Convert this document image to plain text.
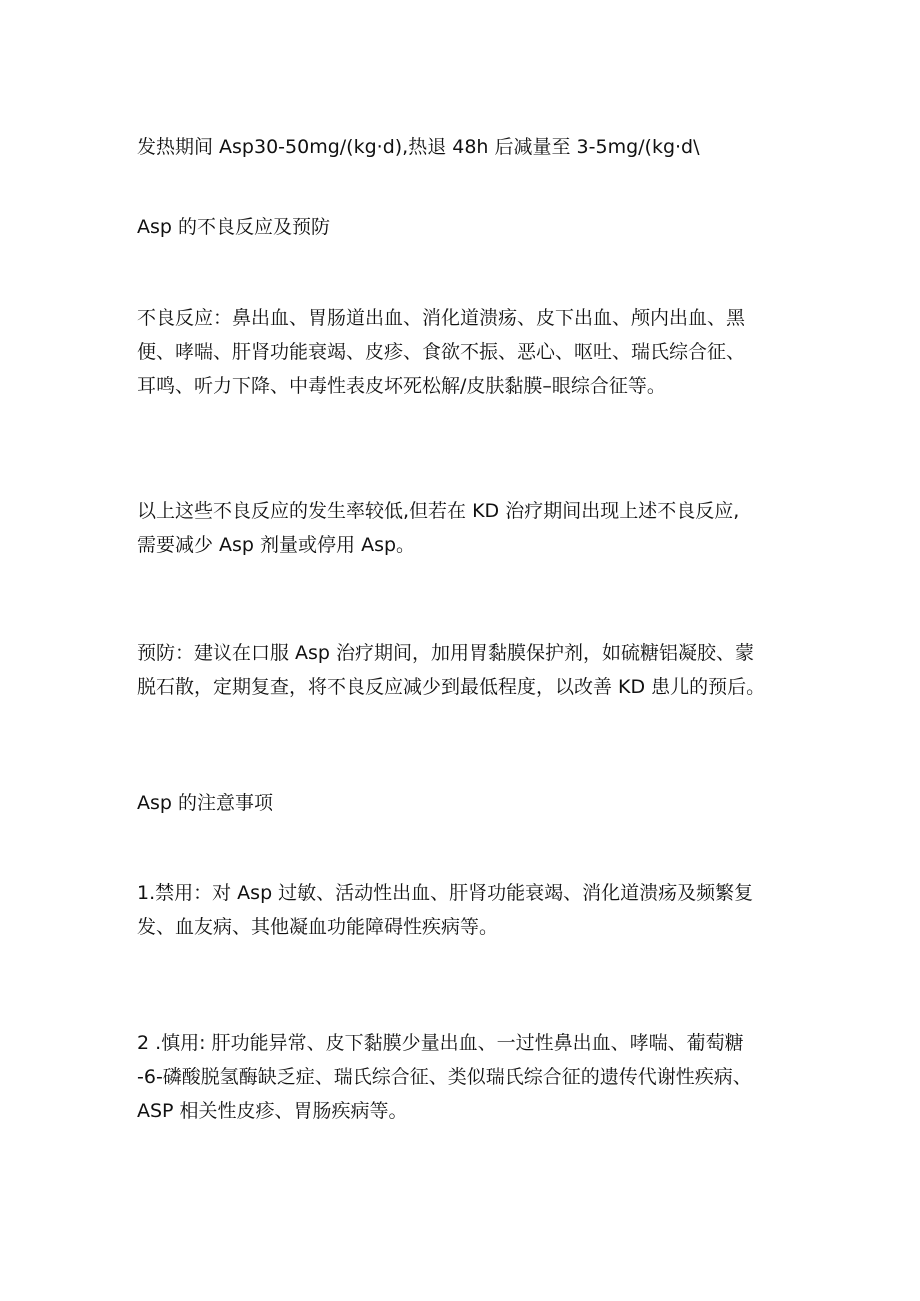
发热期间 Asp30-50mg/(kg·d),热退 48h 后减量至 3-5mg/(kg·d\

Asp 的不良反应及预防

不良反应：鼻出血、胃肠道出血、消化道溃疡、皮下出血、颅内出血、黑
便、哮喘、肝肾功能衰竭、皮疹、食欲不振、恶心、呕吐、瑞氏综合征、
耳鸣、听力下降、中毒性表皮坏死松解/皮肤黏膜–眼综合征等。

以上这些不良反应的发生率较低,但若在 KD 治疗期间出现上述不良反应,
需要减少 Asp 剂量或停用 Asp。

预防：建议在口服 Asp 治疗期间，加用胃黏膜保护剂，如硫糖铝凝胶、蒙
脱石散，定期复查，将不良反应减少到最低程度，以改善 KD 患儿的预后。

Asp 的注意事项

1.禁用：对 Asp 过敏、活动性出血、肝肾功能衰竭、消化道溃疡及频繁复
发、血友病、其他凝血功能障碍性疾病等。

2 .慎用: 肝功能异常、皮下黏膜少量出血、一过性鼻出血、哮喘、葡萄糖
-6-磷酸脱氢酶缺乏症、瑞氏综合征、类似瑞氏综合征的遗传代谢性疾病、
ASP 相关性皮疹、胃肠疾病等。
